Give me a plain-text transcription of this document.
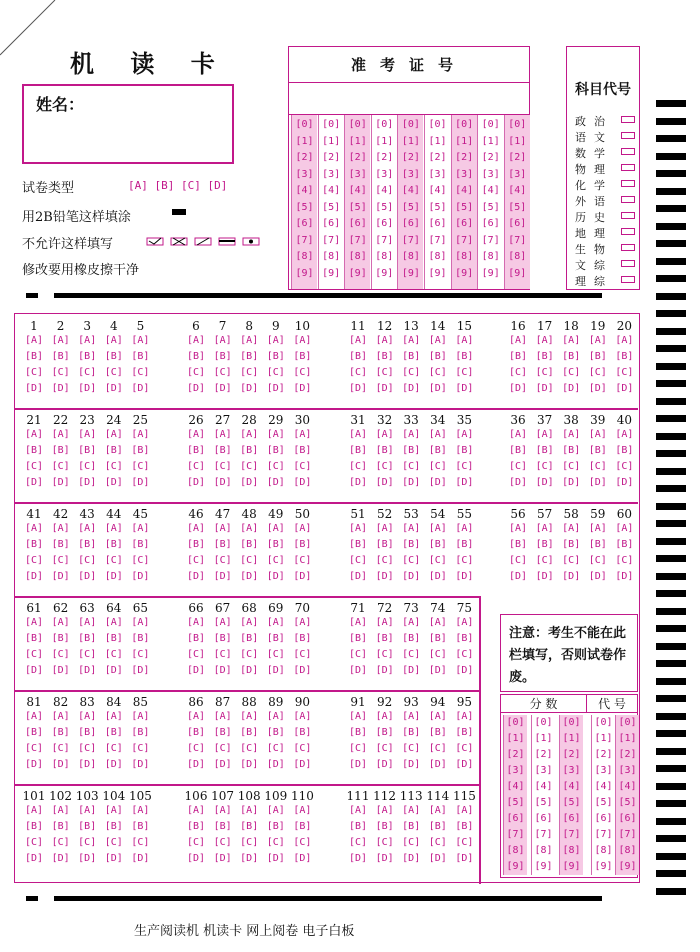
机 读 卡
姓名：
试卷类型	[A] [B] [C] [D]
用2B铅笔这样填涂
不允许这样填写
修改要用橡皮擦干净
准考证号
[0]
[1]
[2]
[3]
[4]
[5]
[6]
[7]
[8]
[9]
[0]
[1]
[2]
[3]
[4]
[5]
[6]
[7]
[8]
[9]
[0]
[1]
[2]
[3]
[4]
[5]
[6]
[7]
[8]
[9]
[0]
[1]
[2]
[3]
[4]
[5]
[6]
[7]
[8]
[9]
[0]
[1]
[2]
[3]
[4]
[5]
[6]
[7]
[8]
[9]
[0]
[1]
[2]
[3]
[4]
[5]
[6]
[7]
[8]
[9]
[0]
[1]
[2]
[3]
[4]
[5]
[6]
[7]
[8]
[9]
[0]
[1]
[2]
[3]
[4]
[5]
[6]
[7]
[8]
[9]
[0]
[1]
[2]
[3]
[4]
[5]
[6]
[7]
[8]
[9]
科目代号
政治
语文
数学
物理
化学
外语
历史
地理
生物
文综
理综
1
[A]
[B]
[C]
[D]
2
[A]
[B]
[C]
[D]
3
[A]
[B]
[C]
[D]
4
[A]
[B]
[C]
[D]
5
[A]
[B]
[C]
[D]
6
[A]
[B]
[C]
[D]
7
[A]
[B]
[C]
[D]
8
[A]
[B]
[C]
[D]
9
[A]
[B]
[C]
[D]
10
[A]
[B]
[C]
[D]
11
[A]
[B]
[C]
[D]
12
[A]
[B]
[C]
[D]
13
[A]
[B]
[C]
[D]
14
[A]
[B]
[C]
[D]
15
[A]
[B]
[C]
[D]
16
[A]
[B]
[C]
[D]
17
[A]
[B]
[C]
[D]
18
[A]
[B]
[C]
[D]
19
[A]
[B]
[C]
[D]
20
[A]
[B]
[C]
[D]
21
[A]
[B]
[C]
[D]
22
[A]
[B]
[C]
[D]
23
[A]
[B]
[C]
[D]
24
[A]
[B]
[C]
[D]
25
[A]
[B]
[C]
[D]
26
[A]
[B]
[C]
[D]
27
[A]
[B]
[C]
[D]
28
[A]
[B]
[C]
[D]
29
[A]
[B]
[C]
[D]
30
[A]
[B]
[C]
[D]
31
[A]
[B]
[C]
[D]
32
[A]
[B]
[C]
[D]
33
[A]
[B]
[C]
[D]
34
[A]
[B]
[C]
[D]
35
[A]
[B]
[C]
[D]
36
[A]
[B]
[C]
[D]
37
[A]
[B]
[C]
[D]
38
[A]
[B]
[C]
[D]
39
[A]
[B]
[C]
[D]
40
[A]
[B]
[C]
[D]
41
[A]
[B]
[C]
[D]
42
[A]
[B]
[C]
[D]
43
[A]
[B]
[C]
[D]
44
[A]
[B]
[C]
[D]
45
[A]
[B]
[C]
[D]
46
[A]
[B]
[C]
[D]
47
[A]
[B]
[C]
[D]
48
[A]
[B]
[C]
[D]
49
[A]
[B]
[C]
[D]
50
[A]
[B]
[C]
[D]
51
[A]
[B]
[C]
[D]
52
[A]
[B]
[C]
[D]
53
[A]
[B]
[C]
[D]
54
[A]
[B]
[C]
[D]
55
[A]
[B]
[C]
[D]
56
[A]
[B]
[C]
[D]
57
[A]
[B]
[C]
[D]
58
[A]
[B]
[C]
[D]
59
[A]
[B]
[C]
[D]
60
[A]
[B]
[C]
[D]
61
[A]
[B]
[C]
[D]
62
[A]
[B]
[C]
[D]
63
[A]
[B]
[C]
[D]
64
[A]
[B]
[C]
[D]
65
[A]
[B]
[C]
[D]
66
[A]
[B]
[C]
[D]
67
[A]
[B]
[C]
[D]
68
[A]
[B]
[C]
[D]
69
[A]
[B]
[C]
[D]
70
[A]
[B]
[C]
[D]
71
[A]
[B]
[C]
[D]
72
[A]
[B]
[C]
[D]
73
[A]
[B]
[C]
[D]
74
[A]
[B]
[C]
[D]
75
[A]
[B]
[C]
[D]
81
[A]
[B]
[C]
[D]
82
[A]
[B]
[C]
[D]
83
[A]
[B]
[C]
[D]
84
[A]
[B]
[C]
[D]
85
[A]
[B]
[C]
[D]
86
[A]
[B]
[C]
[D]
87
[A]
[B]
[C]
[D]
88
[A]
[B]
[C]
[D]
89
[A]
[B]
[C]
[D]
90
[A]
[B]
[C]
[D]
91
[A]
[B]
[C]
[D]
92
[A]
[B]
[C]
[D]
93
[A]
[B]
[C]
[D]
94
[A]
[B]
[C]
[D]
95
[A]
[B]
[C]
[D]
101
[A]
[B]
[C]
[D]
102
[A]
[B]
[C]
[D]
103
[A]
[B]
[C]
[D]
104
[A]
[B]
[C]
[D]
105
[A]
[B]
[C]
[D]
106
[A]
[B]
[C]
[D]
107
[A]
[B]
[C]
[D]
108
[A]
[B]
[C]
[D]
109
[A]
[B]
[C]
[D]
110
[A]
[B]
[C]
[D]
111
[A]
[B]
[C]
[D]
112
[A]
[B]
[C]
[D]
113
[A]
[B]
[C]
[D]
114
[A]
[B]
[C]
[D]
115
[A]
[B]
[C]
[D]
注意：考生不能在此栏填写，否则试卷作废。
分 数	代 号
[0]
[1]
[2]
[3]
[4]
[5]
[6]
[7]
[8]
[9]
[0]
[1]
[2]
[3]
[4]
[5]
[6]
[7]
[8]
[9]
[0]
[1]
[2]
[3]
[4]
[5]
[6]
[7]
[8]
[9]
[0]
[1]
[2]
[3]
[4]
[5]
[6]
[7]
[8]
[9]
[0]
[1]
[2]
[3]
[4]
[5]
[6]
[7]
[8]
[9]
生产阅读机 机读卡 网上阅卷 电子白板
